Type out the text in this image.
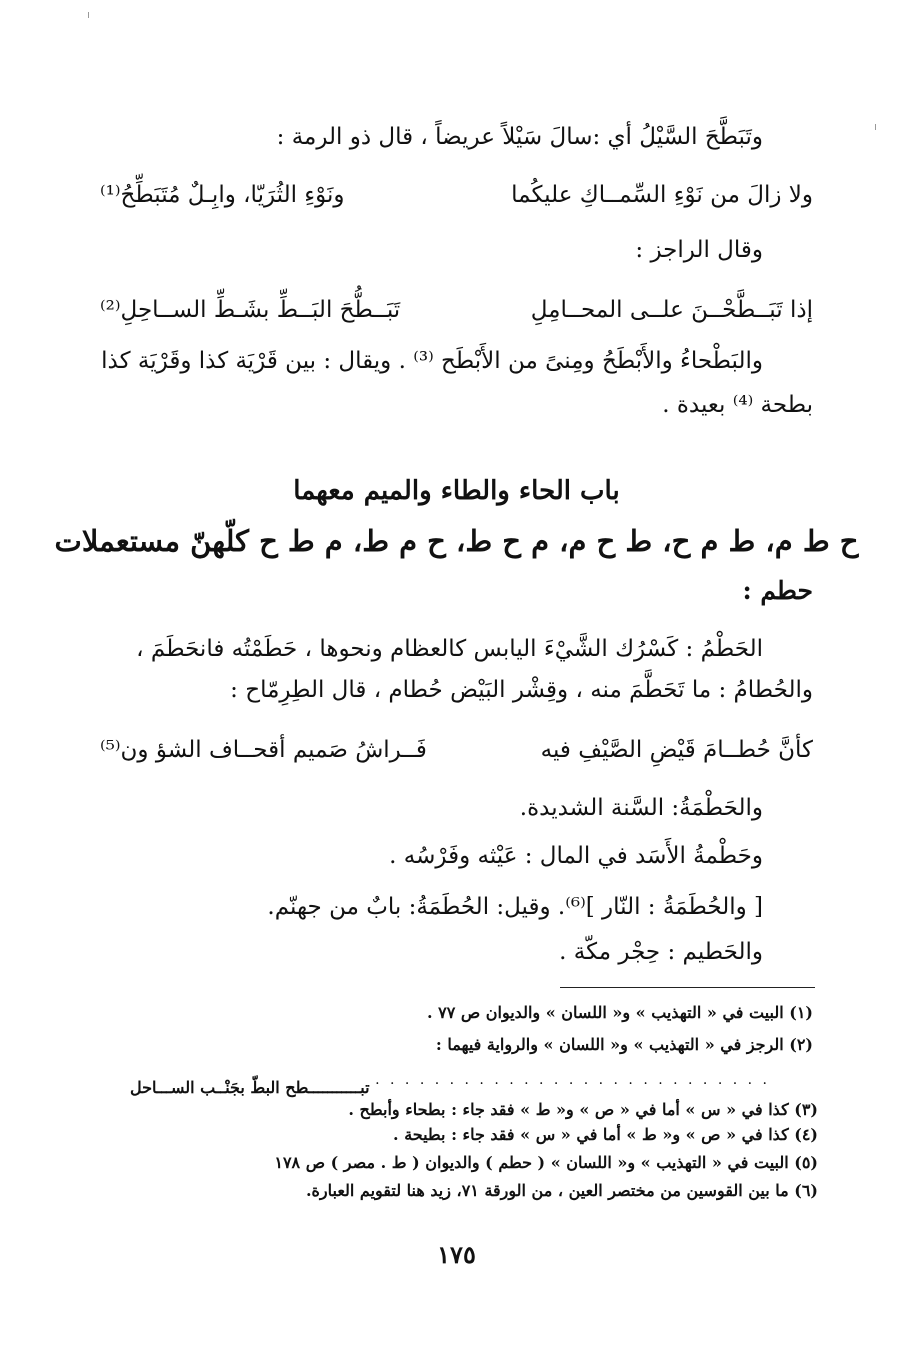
وتَبَطَّحَ السَّيْلُ أي :سالَ سَيْلاً عريضاً ، قال ذو الرمة :
ولا زالَ من نَوْءِ السِّمــاكِ عليكُما
ونَوْءِ الثُرَيّا، وابِـلٌ مُتَبَطِّحُ⁽¹⁾
وقال الراجز :
إذا تَبَــطَّحْــنَ علــى المحــامِلِ
تَبَــطُّحَ البَــطِّ بشَـطِّ الســاحِلِ⁽²⁾
والبَطْحاءُ والأَبْطَحُ ومِنىً من الأَبْطَح ⁽³⁾ . ويقال : بين قَرْيَة كذا وقَرْيَة كذا
بطحة ⁽⁴⁾ بعيدة .
باب الحاء والطاء والميم معهما
ح ط م، ط م ح، ط ح م، م ح ط، ح م ط، م ط ح كلّهنّ مستعملات
حطم :
الحَطْمُ : كَسْرُك الشَّيْءَ اليابس كالعظام ونحوها ، حَطَمْتُه فانحَطَمَ ،
والحُطامُ : ما تَحَطَّمَ منه ، وقِشْر البَيْض حُطام ، قال الطِرِمّاح :
كأنَّ حُطــامَ قَيْضِ الصَّيْفِ فيه
فَــراشُ صَميم أقحــاف الشؤ ون⁽⁵⁾
والحَطْمَةُ: السَّنة الشديدة.
وحَطْمةُ الأَسَد في المال : عَيْثه وفَرْسُه .
[ والحُطَمَةُ : النّار ]⁽⁶⁾. وقيل: الحُطَمَةُ: بابٌ من جهنّم.
والحَطيم : حِجْر مكّة .
(١) البيت في « التهذيب » و« اللسان » والديوان ص ٧٧ .
(٢) الرجز في « التهذيب » و« اللسان » والرواية فيهما :
. . . . . . . . . . . . . . . . . . . . . . . . . . .
تبـــــــــــطح البطّ بجَنْــب الســـاحل
(٣) كذا في « س » أما في « ص » و« ط » فقد جاء : بطحاء وأبطح .
(٤) كذا في « ص » و« ط » أما في « س » فقد جاء : بطيحة .
(٥) البيت في « التهذيب » و« اللسان » ( حطم ) والديوان ( ط . مصر ) ص ١٧٨
(٦) ما بين القوسين من مختصر العين ، من الورقة ٧١، زيد هنا لتقويم العبارة.
١٧٥
